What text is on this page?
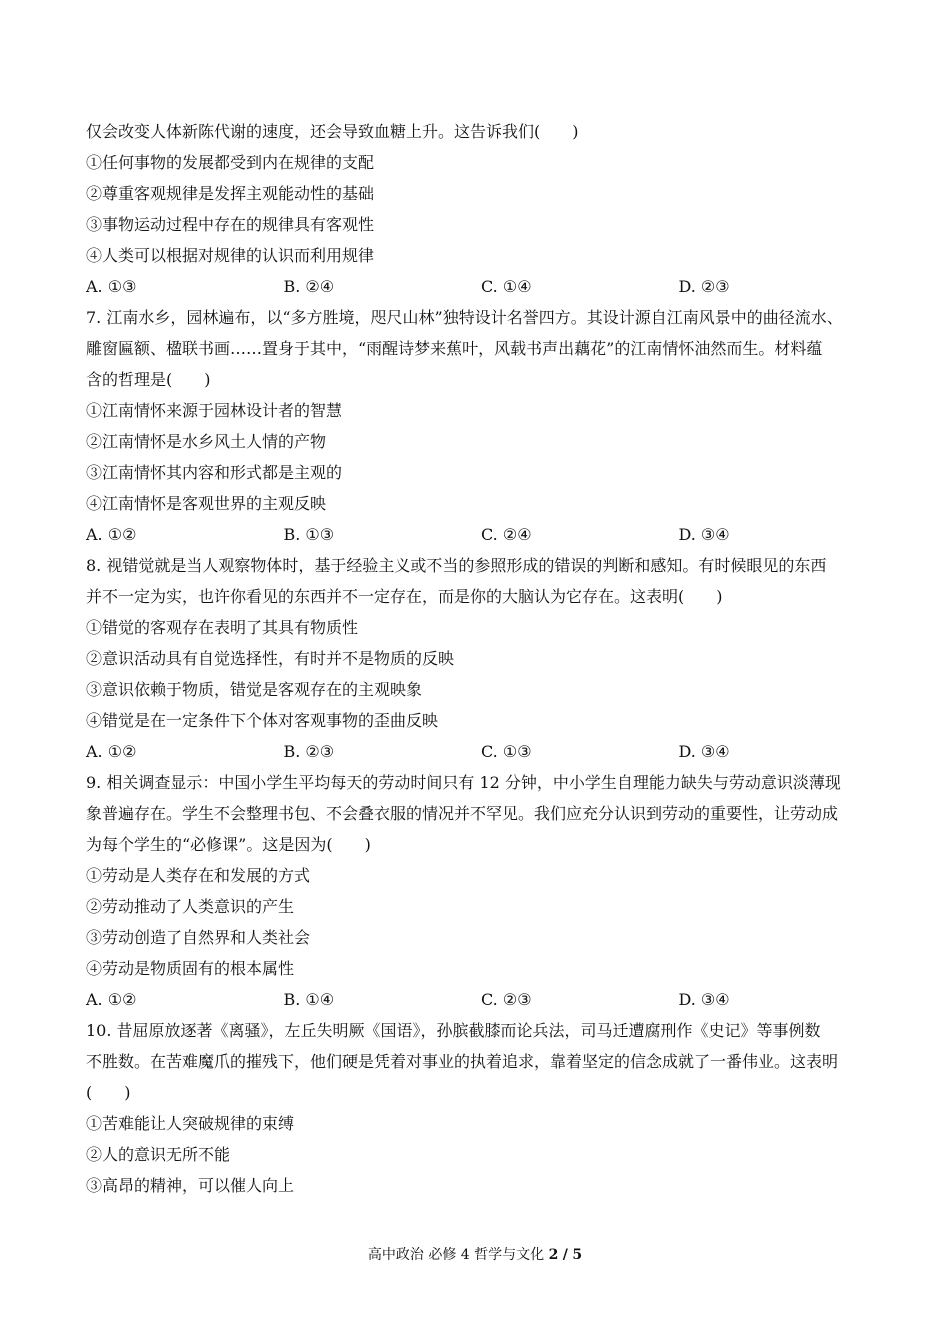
仅会改变人体新陈代谢的速度，还会导致血糖上升。这告诉我们(　　)
①任何事物的发展都受到内在规律的支配
②尊重客观规律是发挥主观能动性的基础
③事物运动过程中存在的规律具有客观性
④人类可以根据对规律的认识而利用规律
A. ①③	B. ②④	C. ①④	D. ②③
7. 江南水乡，园林遍布，以“多方胜境，咫尺山林”独特设计名誉四方。其设计源自江南风景中的曲径流水、
雕窗匾额、楹联书画……置身于其中，“雨醒诗梦来蕉叶，风载书声出藕花”的江南情怀油然而生。材料蕴
含的哲理是(　　)
①江南情怀来源于园林设计者的智慧
②江南情怀是水乡风土人情的产物
③江南情怀其内容和形式都是主观的
④江南情怀是客观世界的主观反映
A. ①②	B. ①③	C. ②④	D. ③④
8. 视错觉就是当人观察物体时，基于经验主义或不当的参照形成的错误的判断和感知。有时候眼见的东西
并不一定为实，也许你看见的东西并不一定存在，而是你的大脑认为它存在。这表明(　　)
①错觉的客观存在表明了其具有物质性
②意识活动具有自觉选择性，有时并不是物质的反映
③意识依赖于物质，错觉是客观存在的主观映象
④错觉是在一定条件下个体对客观事物的歪曲反映
A. ①②	B. ②③	C. ①③	D. ③④
9. 相关调查显示：中国小学生平均每天的劳动时间只有 12 分钟，中小学生自理能力缺失与劳动意识淡薄现
象普遍存在。学生不会整理书包、不会叠衣服的情况并不罕见。我们应充分认识到劳动的重要性，让劳动成
为每个学生的“必修课”。这是因为(　　)
①劳动是人类存在和发展的方式
②劳动推动了人类意识的产生
③劳动创造了自然界和人类社会
④劳动是物质固有的根本属性
A. ①②	B. ①④	C. ②③	D. ③④
10. 昔屈原放逐著《离骚》，左丘失明厥《国语》，孙膑截膝而论兵法，司马迁遭腐刑作《史记》等事例数
不胜数。在苦难魔爪的摧残下，他们硬是凭着对事业的执着追求，靠着坚定的信念成就了一番伟业。这表明
(　　)
①苦难能让人突破规律的束缚
②人的意识无所不能
③高昂的精神，可以催人向上
高中政治 必修 4 哲学与文化 2 / 5
